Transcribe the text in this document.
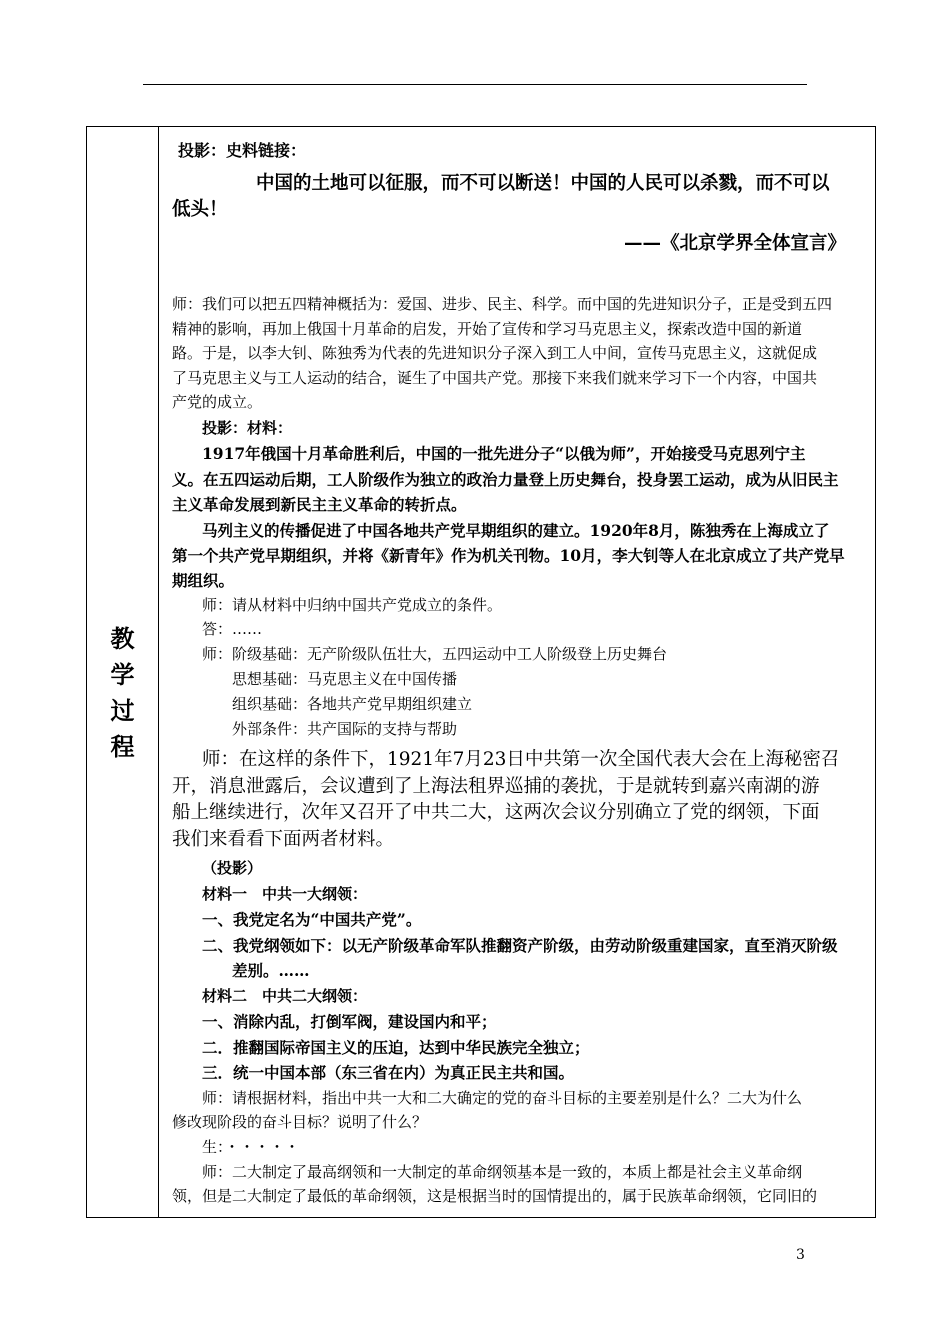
教
学
过
程
投影：史料链接：
中国的土地可以征服，而不可以断送！中国的人民可以杀戮，而不可以
低头！
——《北京学界全体宣言》
师：我们可以把五四精神概括为：爱国、进步、民主、科学。而中国的先进知识分子，正是受到五四
精神的影响，再加上俄国十月革命的启发，开始了宣传和学习马克思主义，探索改造中国的新道
路。于是，以李大钊、陈独秀为代表的先进知识分子深入到工人中间，宣传马克思主义，这就促成
了马克思主义与工人运动的结合，诞生了中国共产党。那接下来我们就来学习下一个内容，中国共
产党的成立。
投影：材料：
1917年俄国十月革命胜利后，中国的一批先进分子“以俄为师”，开始接受马克思列宁主
义。在五四运动后期，工人阶级作为独立的政治力量登上历史舞台，投身罢工运动，成为从旧民主
主义革命发展到新民主主义革命的转折点。
马列主义的传播促进了中国各地共产党早期组织的建立。1920年8月，陈独秀在上海成立了
第一个共产党早期组织，并将《新青年》作为机关刊物。10月，李大钊等人在北京成立了共产党早
期组织。
师：请从材料中归纳中国共产党成立的条件。
答：……
师：阶级基础：无产阶级队伍壮大，五四运动中工人阶级登上历史舞台
思想基础：马克思主义在中国传播
组织基础：各地共产党早期组织建立
外部条件：共产国际的支持与帮助
师：在这样的条件下，1921年7月23日中共第一次全国代表大会在上海秘密召
开，消息泄露后，会议遭到了上海法租界巡捕的袭扰，于是就转到嘉兴南湖的游
船上继续进行，次年又召开了中共二大，这两次会议分别确立了党的纲领，下面
我们来看看下面两者材料。
（投影）
材料一　中共一大纲领：
一、我党定名为“中国共产党”。
二、我党纲领如下：以无产阶级革命军队推翻资产阶级，由劳动阶级重建国家，直至消灭阶级
差别。……
材料二　中共二大纲领：
一、消除内乱，打倒军阀，建设国内和平；
二．推翻国际帝国主义的压迫，达到中华民族完全独立；
三．统一中国本部（东三省在内）为真正民主共和国。
师：请根据材料，指出中共一大和二大确定的党的奋斗目标的主要差别是什么？二大为什么
修改现阶段的奋斗目标？说明了什么？
生：・・・・・
师：二大制定了最高纲领和一大制定的革命纲领基本是一致的，本质上都是社会主义革命纲
领，但是二大制定了最低的革命纲领，这是根据当时的国情提出的，属于民族革命纲领，它同旧的
3
